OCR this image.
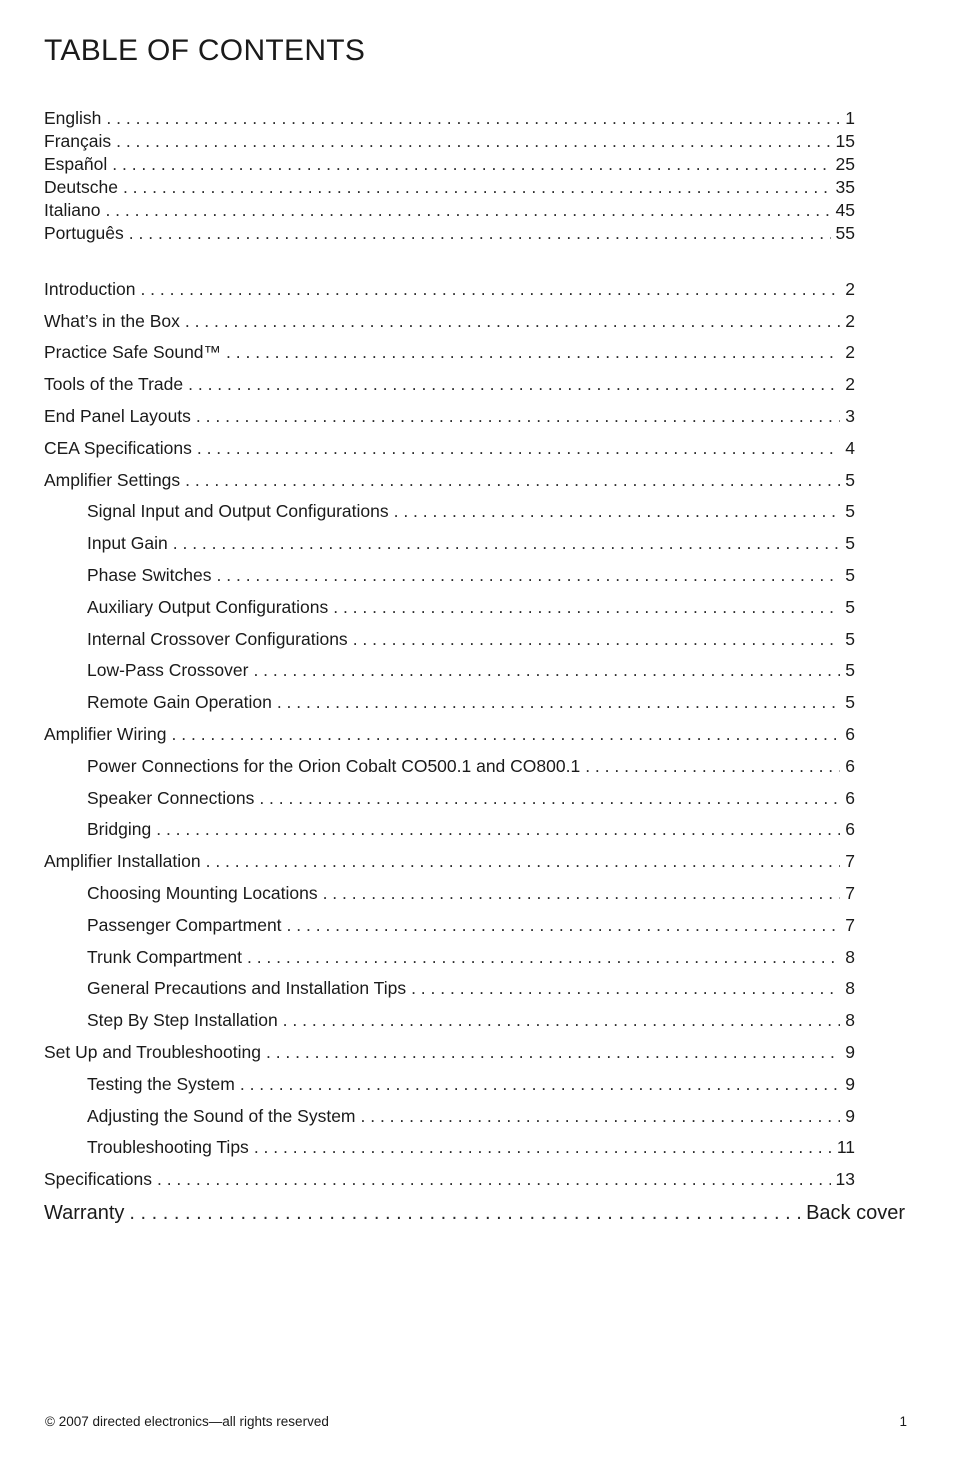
TABLE OF CONTENTS
English . . .	1
Français . . .	15
Español . . .	25
Deutsche . . .	35
Italiano . . .	45
Português . . .	55
Introduction . . .	2
What’s in the Box . . .	2
Practice Safe Sound™ . . .	2
Tools of the Trade . . .	2
End Panel Layouts . . .	3
CEA Specifications . . .	4
Amplifier Settings . . .	5
Signal Input and Output Configurations . . .	5
Input Gain . . .	5
Phase Switches . . .	5
Auxiliary Output Configurations . . .	5
Internal Crossover Configurations . . .	5
Low-Pass Crossover . . .	5
Remote Gain Operation . . .	5
Amplifier Wiring . . .	6
Power Connections for the Orion Cobalt CO500.1 and CO800.1 . . .	6
Speaker Connections . . .	6
Bridging . . .	6
Amplifier Installation . . .	7
Choosing Mounting Locations . . .	7
Passenger Compartment . . .	7
Trunk Compartment . . .	8
General Precautions and Installation Tips . . .	8
Step By Step Installation . . .	8
Set Up and Troubleshooting . . .	9
Testing the System . . .	9
Adjusting the Sound of the System . . .	9
Troubleshooting Tips . . .	11
Specifications . . .	13
Warranty . . .	Back cover
© 2007 directed electronics—all rights reserved	1
